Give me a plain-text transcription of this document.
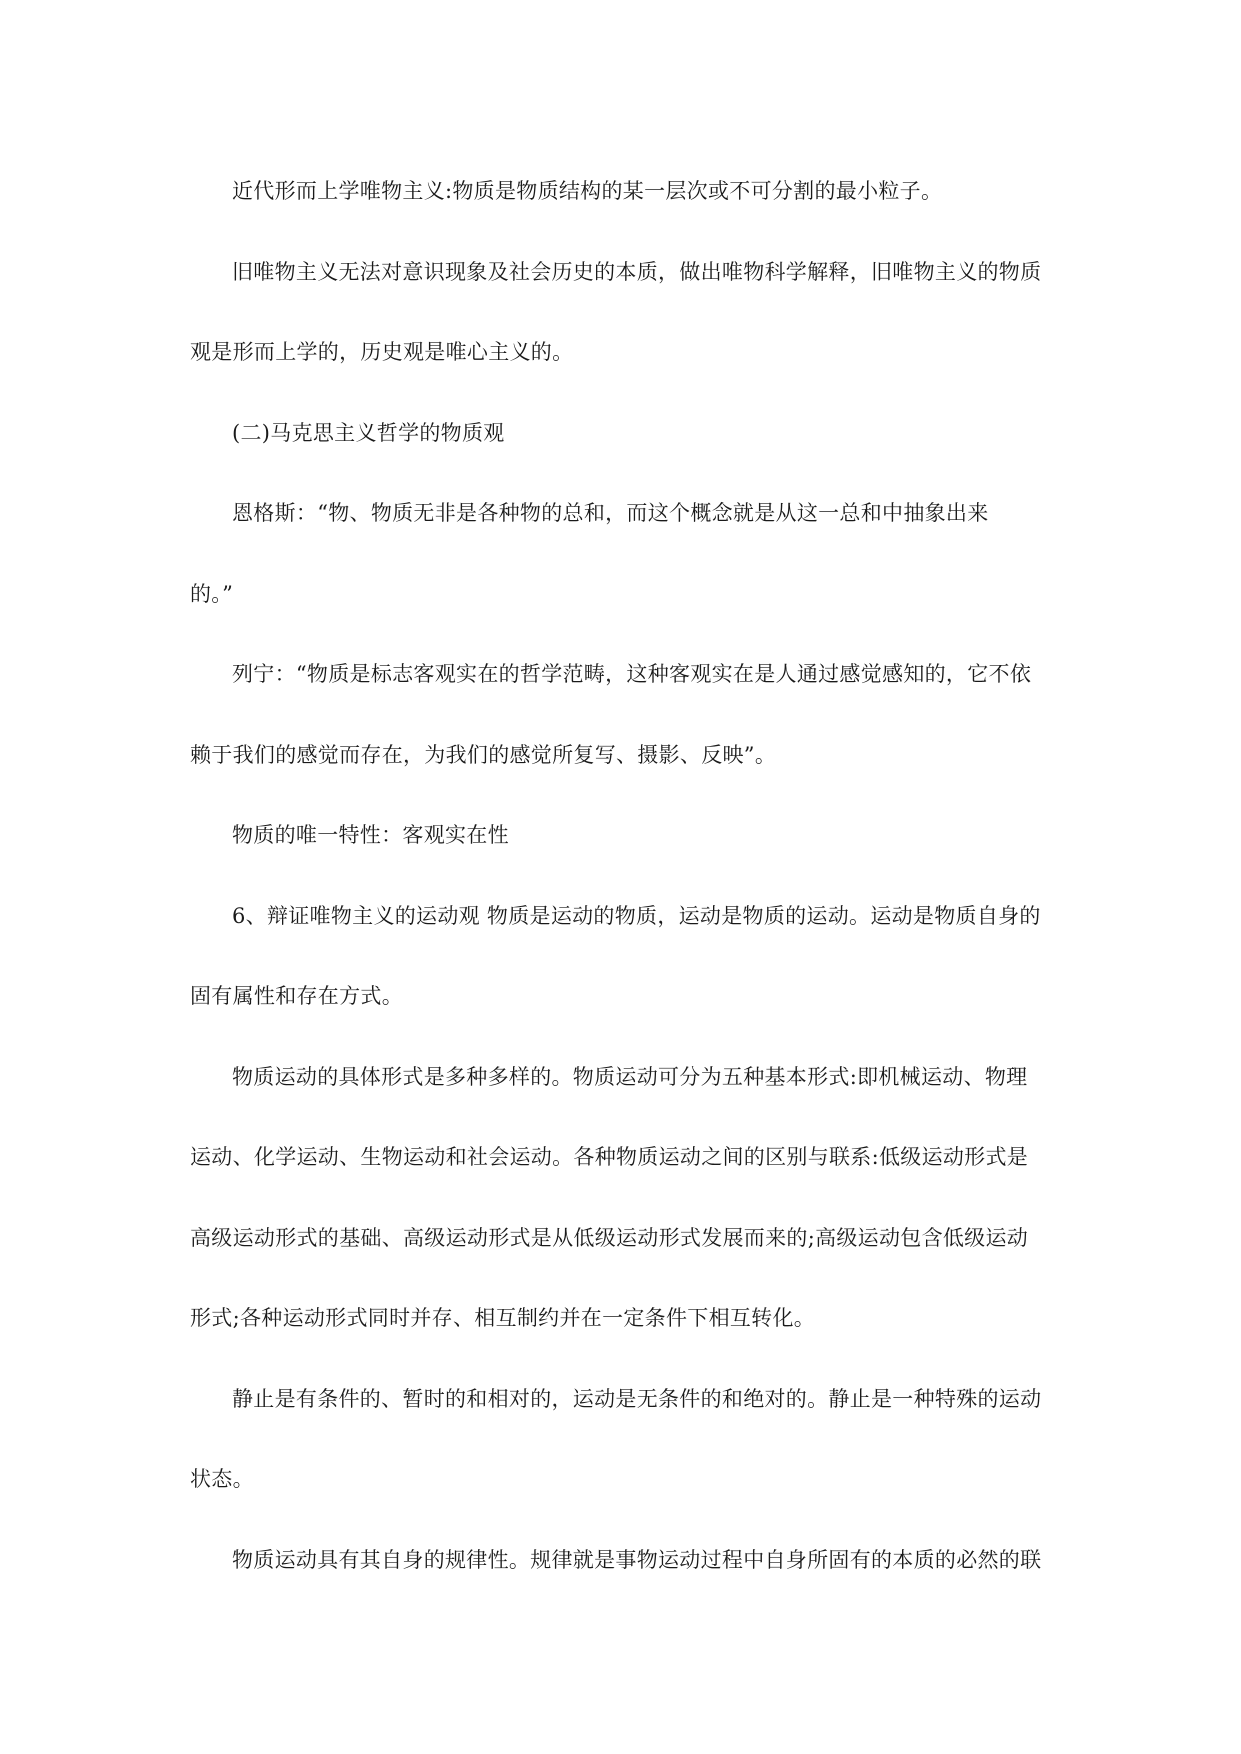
近代形而上学唯物主义:物质是物质结构的某一层次或不可分割的最小粒子。
旧唯物主义无法对意识现象及社会历史的本质，做出唯物科学解释，旧唯物主义的物质
观是形而上学的，历史观是唯心主义的。
(二)马克思主义哲学的物质观
恩格斯：“物、物质无非是各种物的总和，而这个概念就是从这一总和中抽象出来
的。”
列宁：“物质是标志客观实在的哲学范畴，这种客观实在是人通过感觉感知的，它不依
赖于我们的感觉而存在，为我们的感觉所复写、摄影、反映”。
物质的唯一特性：客观实在性
6、辩证唯物主义的运动观 物质是运动的物质，运动是物质的运动。运动是物质自身的
固有属性和存在方式。
物质运动的具体形式是多种多样的。物质运动可分为五种基本形式:即机械运动、物理
运动、化学运动、生物运动和社会运动。各种物质运动之间的区别与联系:低级运动形式是
高级运动形式的基础、高级运动形式是从低级运动形式发展而来的;高级运动包含低级运动
形式;各种运动形式同时并存、相互制约并在一定条件下相互转化。
静止是有条件的、暂时的和相对的，运动是无条件的和绝对的。静止是一种特殊的运动
状态。
物质运动具有其自身的规律性。规律就是事物运动过程中自身所固有的本质的必然的联
